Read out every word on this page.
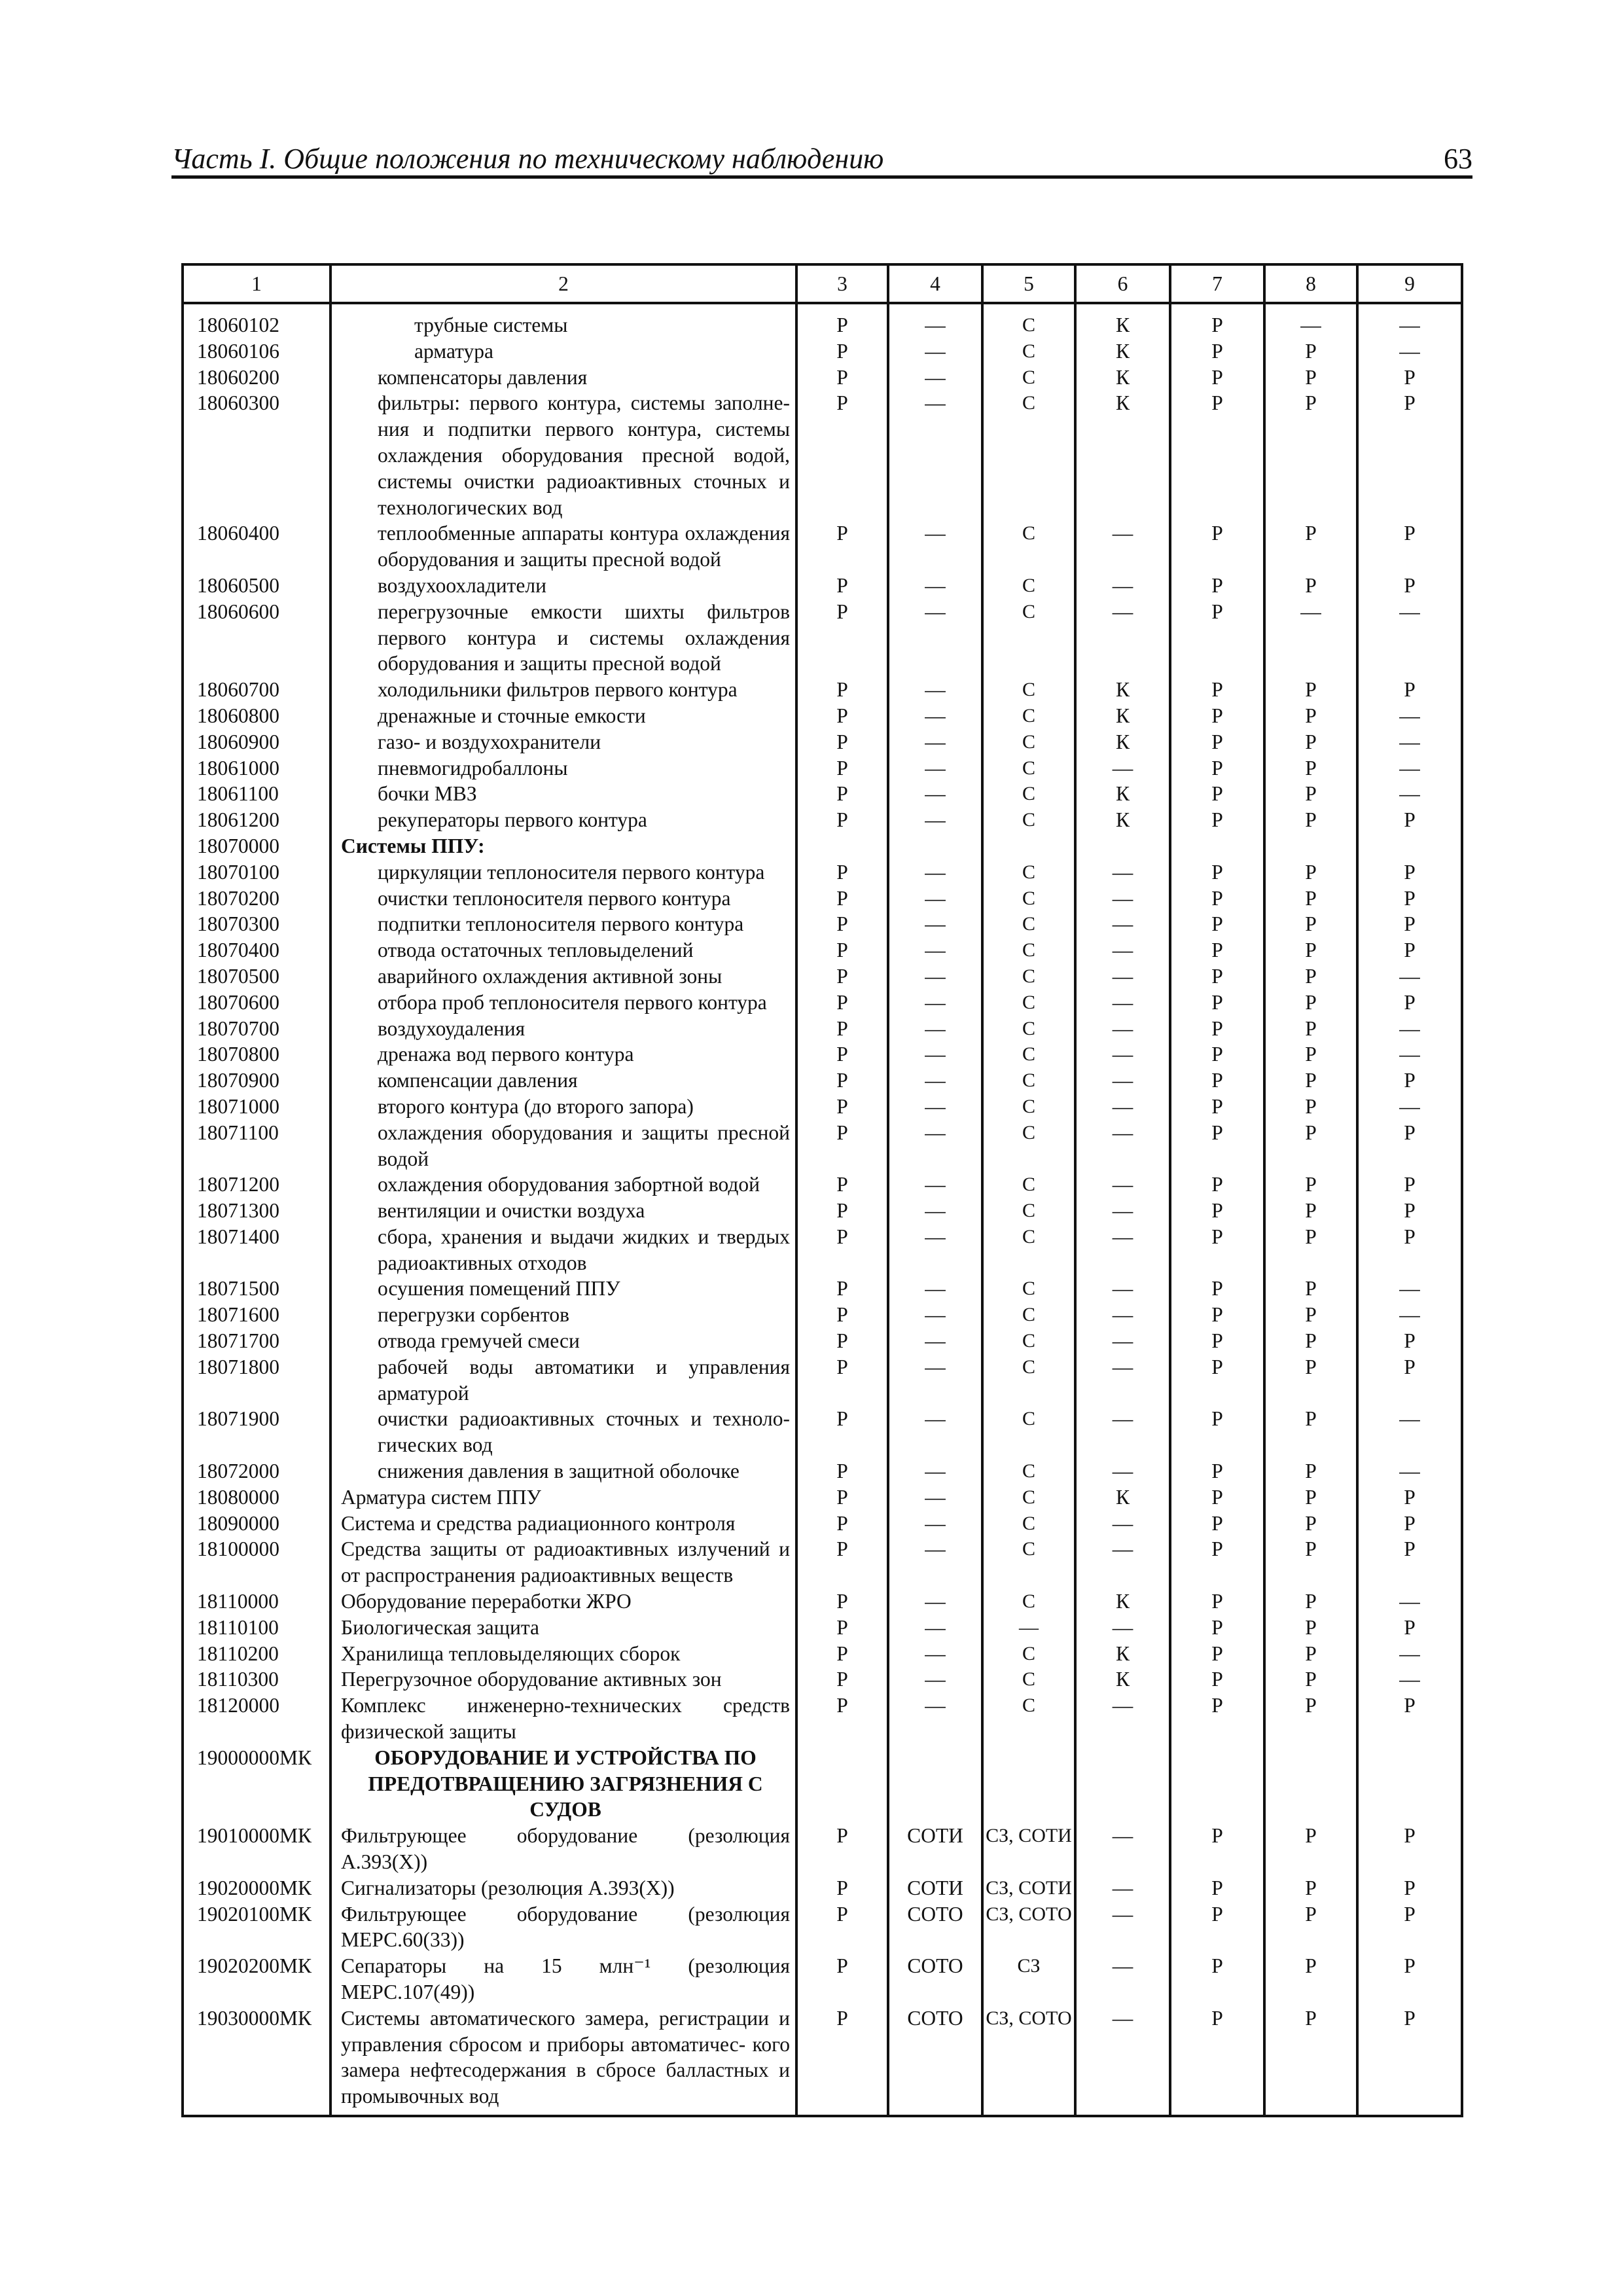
Часть I. Общие положения по техническому наблюдению	63
1	2	3	4	5	6	7	8	9
18060102	трубные системы	Р	—	С	К	Р	—	—
18060106	арматура	Р	—	С	К	Р	Р	—
18060200	компенсаторы давления	Р	—	С	К	Р	Р	Р
18060300	фильтры: первого контура, системы заполне- ния и подпитки первого контура, системы охлаждения оборудования пресной водой, системы очистки радиоактивных сточных и технологических вод	Р	—	С	К	Р	Р	Р
18060400	теплообменные аппараты контура охлаждения оборудования и защиты пресной водой	Р	—	С	—	Р	Р	Р
18060500	воздухоохладители	Р	—	С	—	Р	Р	Р
18060600	перегрузочные емкости шихты фильтров первого контура и системы охлаждения оборудования и защиты пресной водой	Р	—	С	—	Р	—	—
18060700	холодильники фильтров первого контура	Р	—	С	К	Р	Р	Р
18060800	дренажные и сточные емкости	Р	—	С	К	Р	Р	—
18060900	газо- и воздухохранители	Р	—	С	К	Р	Р	—
18061000	пневмогидробаллоны	Р	—	С	—	Р	Р	—
18061100	бочки МВЗ	Р	—	С	К	Р	Р	—
18061200	рекуператоры первого контура	Р	—	С	К	Р	Р	Р
18070000	Системы ППУ:							

18070100	циркуляции теплоносителя первого контура	Р	—	С	—	Р	Р	Р
18070200	очистки теплоносителя первого контура	Р	—	С	—	Р	Р	Р
18070300	подпитки теплоносителя первого контура	Р	—	С	—	Р	Р	Р
18070400	отвода остаточных тепловыделений	Р	—	С	—	Р	Р	Р
18070500	аварийного охлаждения активной зоны	Р	—	С	—	Р	Р	—
18070600	отбора проб теплоносителя первого контура	Р	—	С	—	Р	Р	Р
18070700	воздухоудаления	Р	—	С	—	Р	Р	—
18070800	дренажа вод первого контура	Р	—	С	—	Р	Р	—
18070900	компенсации давления	Р	—	С	—	Р	Р	Р
18071000	второго контура (до второго запора)	Р	—	С	—	Р	Р	—
18071100	охлаждения оборудования и защиты пресной водой	Р	—	С	—	Р	Р	Р
18071200	охлаждения оборудования забортной водой	Р	—	С	—	Р	Р	Р
18071300	вентиляции и очистки воздуха	Р	—	С	—	Р	Р	Р
18071400	сбора, хранения и выдачи жидких и твердых радиоактивных отходов	Р	—	С	—	Р	Р	Р
18071500	осушения помещений ППУ	Р	—	С	—	Р	Р	—
18071600	перегрузки сорбентов	Р	—	С	—	Р	Р	—
18071700	отвода гремучей смеси	Р	—	С	—	Р	Р	Р
18071800	рабочей воды автоматики и управления арматурой	Р	—	С	—	Р	Р	Р
18071900	очистки радиоактивных сточных и техноло- гических вод	Р	—	С	—	Р	Р	—
18072000	снижения давления в защитной оболочке	Р	—	С	—	Р	Р	—
18080000	Арматура систем ППУ	Р	—	С	К	Р	Р	Р
18090000	Система и средства радиационного контроля	Р	—	С	—	Р	Р	Р
18100000	Средства защиты от радиоактивных излучений и от распространения радиоактивных веществ	Р	—	С	—	Р	Р	Р
18110000	Оборудование переработки ЖРО	Р	—	С	К	Р	Р	—
18110100	Биологическая защита	Р	—	—	—	Р	Р	Р
18110200	Хранилища тепловыделяющих сборок	Р	—	С	К	Р	Р	—
18110300	Перегрузочное оборудование активных зон	Р	—	С	К	Р	Р	—
18120000	Комплекс инженерно-технических средств физической защиты	Р	—	С	—	Р	Р	Р
19000000МК	ОБОРУДОВАНИЕ И УСТРОЙСТВА ПО ПРЕДОТВРАЩЕНИЮ ЗАГРЯЗНЕНИЯ С СУДОВ							

19010000МК	Фильтрующее оборудование (резолюция А.393(X))	Р	СОТИ	СЗ, СОТИ	—	Р	Р	Р
19020000МК	Сигнализаторы (резолюция А.393(X))	Р	СОТИ	СЗ, СОТИ	—	Р	Р	Р
19020100МК	Фильтрующее оборудование (резолюция МЕРС.60(33))	Р	СОТО	СЗ, СОТО	—	Р	Р	Р
19020200МК	Сепараторы на 15 млн⁻¹ (резолюция МЕРС.107(49))	Р	СОТО	СЗ	—	Р	Р	Р
19030000МК	Системы автоматического замера, регистрации и управления сбросом и приборы автоматичес- кого замера нефтесодержания в сбросе балластных и промывочных вод	Р	СОТО	СЗ, СОТО	—	Р	Р	Р
